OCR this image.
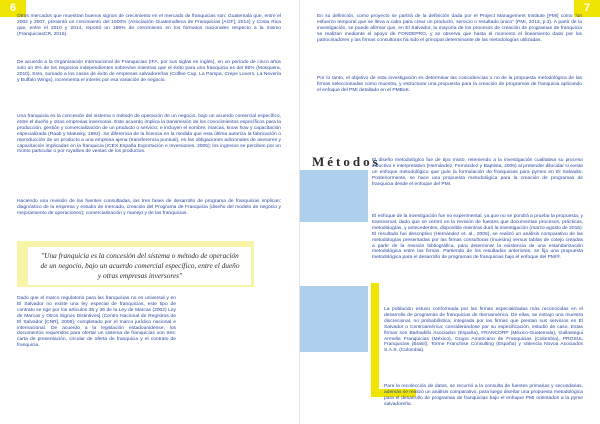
6	7

Otros mercados que muestran buenos signos de crecimiento en el mercado de franquicias son: Guatemala que, entre el 2002 y 2007, presentó un crecimiento del 1500% (Asociación Guatemalteca de Franquicias [AGF], 2014) y Costa Rica que, entre el 2010 y 2014, reportó un 186% de crecimiento en los formatos nacionales respecto a la mismo (FranquiciasCR, 2015).

De acuerdo a la Organización Internacional de Franquicias (IFA, por sus siglas en inglés), en un período de cinco años solo un 5% de los negocios independientes sobrevive mientras que el éxito para una franquicia es del 95% (Mosquera, 2010). Esto, sumado a los casos de éxito de empresas salvadoreñas (Coffee Cup, La Pampa, Crepe Lovers, La Nevería y Buffalo Wings), incrementa el interés por esa variación de negocio.

Una franquicia es la concesión del sistema o método de operación de un negocio, bajo un acuerdo comercial específico, entre el dueño y otras empresas inversoras. Este acuerdo implica la transmisión de los conocimientos específicos para la producción, gestión y comercialización de un producto o servicio; e incluyen el nombre, marcas, know how y capacitación especializada (Raab y Matusky, 1992). Se diferencia de la licencia en la medida que esta última autoriza la fabricación o reproducción de un producto a una empresa ajena (transferencia puntual), en las obligaciones adicionales de asesores y capacitación implicadas en la franquicia (ICEX España Exportación e Inversiones, 2005); los ingresos se perciben por un monto particular o por royalties de ventas de los productos.

Haciendo una revisión de las fuentes consultadas, las tres fases de desarrollo de programa de franquicias implican: diagnóstico de la empresa y estudio de mercado, creación del Programa de Franquicia (diseño del modelo de negocio y mejoramiento de operaciones); comercialización y manejo y de las franquicias.

"Una franquicia es la concesión del sistema o método de operación de un negocio, bajo un acuerdo comercial específico, entre el dueño y otras empresas inversores"

Dado que el marco regulatorio para las franquicias no es universal y en El Salvador no existe una ley especial de franquicias, este tipo de contrato se rige por los artículos 35 y 36 de la Ley de Marcas (2002) Ley de Marcas y Otros Signos Distintivos] (Centro Nacional de Registros de El Salvador [CNR], 2009), completado por el marco jurídico nacional e internacional. De acuerdo a la legislación estadounidense, los documentos requeridos para ofertar un sistema de franquicias son tres: carta de presentación, circular de oferta de franquicia y el contrato de franquicia.

En su definición, como proyecto se partirá de la definición dada por el Project Management Institute [PMI] como "un esfuerzo temporal que se lleva a cabo para crear un producto, servicio o resultado único" (PMI, 2013, p.3). A partir de la investigación, se puede afirmar que, en El Salvador, la mayoría de los procesos de creación de programas de franquicia se realizan mediante el apoyo de FONDEPRO, y se observa que hasta el momento el lineamiento dado por los patrocinadores y las firmas consultoras ha sido el principal determinante de las metodologías utilizadas.

Por lo tanto, el objetivo de esta investigación es determinar las coincidencias o no de la propuesta metodológica de las firmas seleccionadas como muestra, y estructurar una propuesta para la creación de programas de franquicia aplicando el enfoque del PMI detallado en el PMBoK.

Métodos

El diseño metodológico fue de tipo mixto, reteniendo a la investigación cualitativa su proceso inductivo e interpretativo (Hernández, Fernández y Baptista, 2006) al pretender dilucidar si existe un enfoque metodológico que guíe la formulación de franquicias para pymes en El Salvador. Posteriormente, se hace una propuesta metodológica para la creación de programas de franquicia desde el enfoque del PMI.

El enfoque de la investigación fue no experimental, ya que no se pondrá a prueba la propuesta; y transversal, dado que se centró en la revisión de fuentes que documentan procesos, prácticas, metodologías, y antecedentes, disponible mientras duró la investigación (marzo-agosto de 2015). El resultado fue descriptivo (Hernández et. al., 2006), se realizó un análisis comparativo de las metodologías presentadas por las firmas consultoras (muestra) versus tablas de cotejo creadas a partir de la revisión bibliográfica, para determinar la existencia de una estandarización metodológica entre las firmas. Partiendo de los resultados anteriores, se fijo una propuesta metodológica para el desarrollo de programas de franquicias bajo el enfoque del PMI®.

La población estuvo conformada por las firmas especializadas más reconocidas en el desarrollo de programas de franquicias de Iberoamérica. De ellas, se extrajo una muestra discrecional, no probabilística, integrada por las firmas que prestan sus servicios en El Salvador o Centroamérica; considerándose por su especificación, estudio de caso. Estas firmas son Barbadillo Asociados (España), FRANCORP (México-Guatemala), Gallastegui Armella Franquicias (México), Grupo Americano de Franquicias (Colombia), PROSUL Franquicias (Brasil), Torme Franchise Consulting (España) y Valencia Novoa Asociados S.A.S. (Colombia).

Para la recolección de datos, se recurrió a la consulta de fuentes primarias y secundarias, además se realizó un análisis comparativo, para luego diseñar una propuesta metodológica para el desarrollo de programas de franquicias bajo el enfoque PMI orientados a la pyme salvadoreña.
